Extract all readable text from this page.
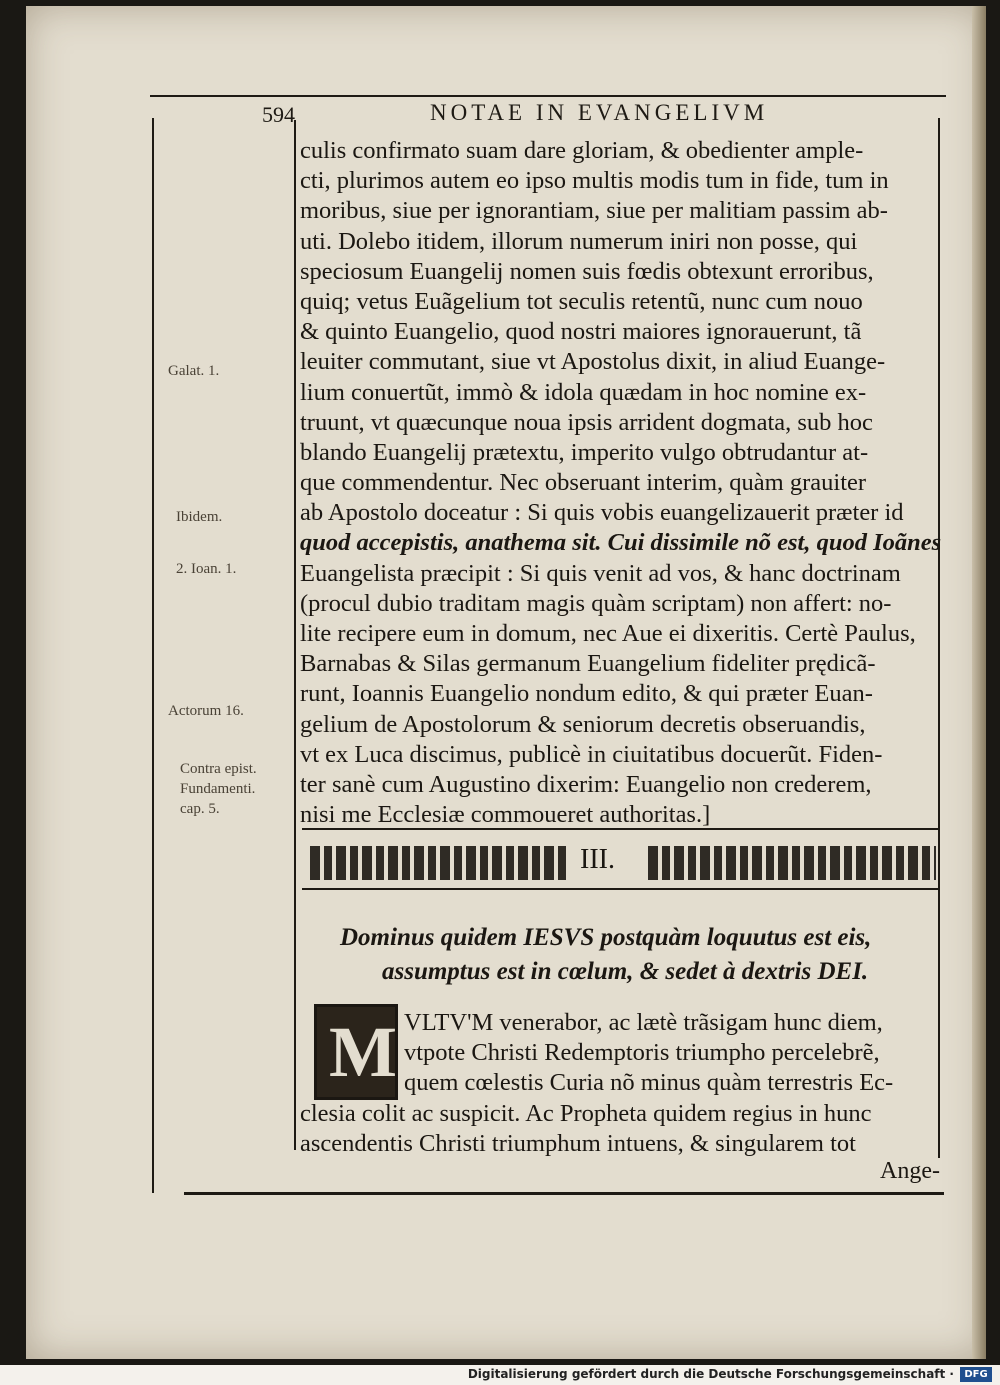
594	NOTAE IN EVANGELIVM
culis confirmato suam dare gloriam, & obedienter ample-
cti, plurimos autem eo ipso multis modis tum in fide, tum in
moribus, siue per ignorantiam, siue per malitiam passim ab-
uti. Dolebo itidem, illorum numerum iniri non posse, qui
speciosum Euangelij nomen suis fœdis obtexunt erroribus,
quiq; vetus Euãgelium tot seculis retentũ, nunc cum nouo
& quinto Euangelio, quod nostri maiores ignorauerunt, tã
leuiter commutant, siue vt Apostolus dixit, in aliud Euange-
lium conuertũt, immò & idola quædam in hoc nomine ex-
truunt, vt quæcunque noua ipsis arrident dogmata, sub hoc
blando Euangelij prætextu, imperito vulgo obtrudantur at-
que commendentur. Nec obseruant interim, quàm grauiter
ab Apostolo doceatur : Si quis vobis euangelizauerit præter id
quod accepistis, anathema sit. Cui dissimile nõ est, quod Ioãnes
Euangelista præcipit : Si quis venit ad vos, & hanc doctrinam
(procul dubio traditam magis quàm scriptam) non affert: no-
lite recipere eum in domum, nec Aue ei dixeritis. Certè Paulus,
Barnabas & Silas germanum Euangelium fideliter prędicã-
runt, Ioannis Euangelio nondum edito, & qui præter Euan-
gelium de Apostolorum & seniorum decretis obseruandis,
vt ex Luca discimus, publicè in ciuitatibus docuerũt. Fiden-
ter sanè cum Augustino dixerim: Euangelio non crederem,
nisi me Ecclesiæ commoueret authoritas.]
Galat. 1.
Ibidem.
2. Ioan. 1.
Actorum 16.
Contra epist.
Fundamenti.
cap. 5.
III.
Dominus quidem IESVS postquàm loquutus est eis,
assumptus est in cœlum, & sedet à dextris DEI.
M VLTV'M venerabor, ac lætè trãsigam hunc diem,
vtpote Christi Redemptoris triumpho percelebrẽ,
quem cœlestis Curia nõ minus quàm terrestris Ec-
clesia colit ac suspicit. Ac Propheta quidem regius in hunc
ascendentis Christi triumphum intuens, & singularem tot
Ange-
Digitalisierung gefördert durch die Deutsche Forschungsgemeinschaft ·	DFG
